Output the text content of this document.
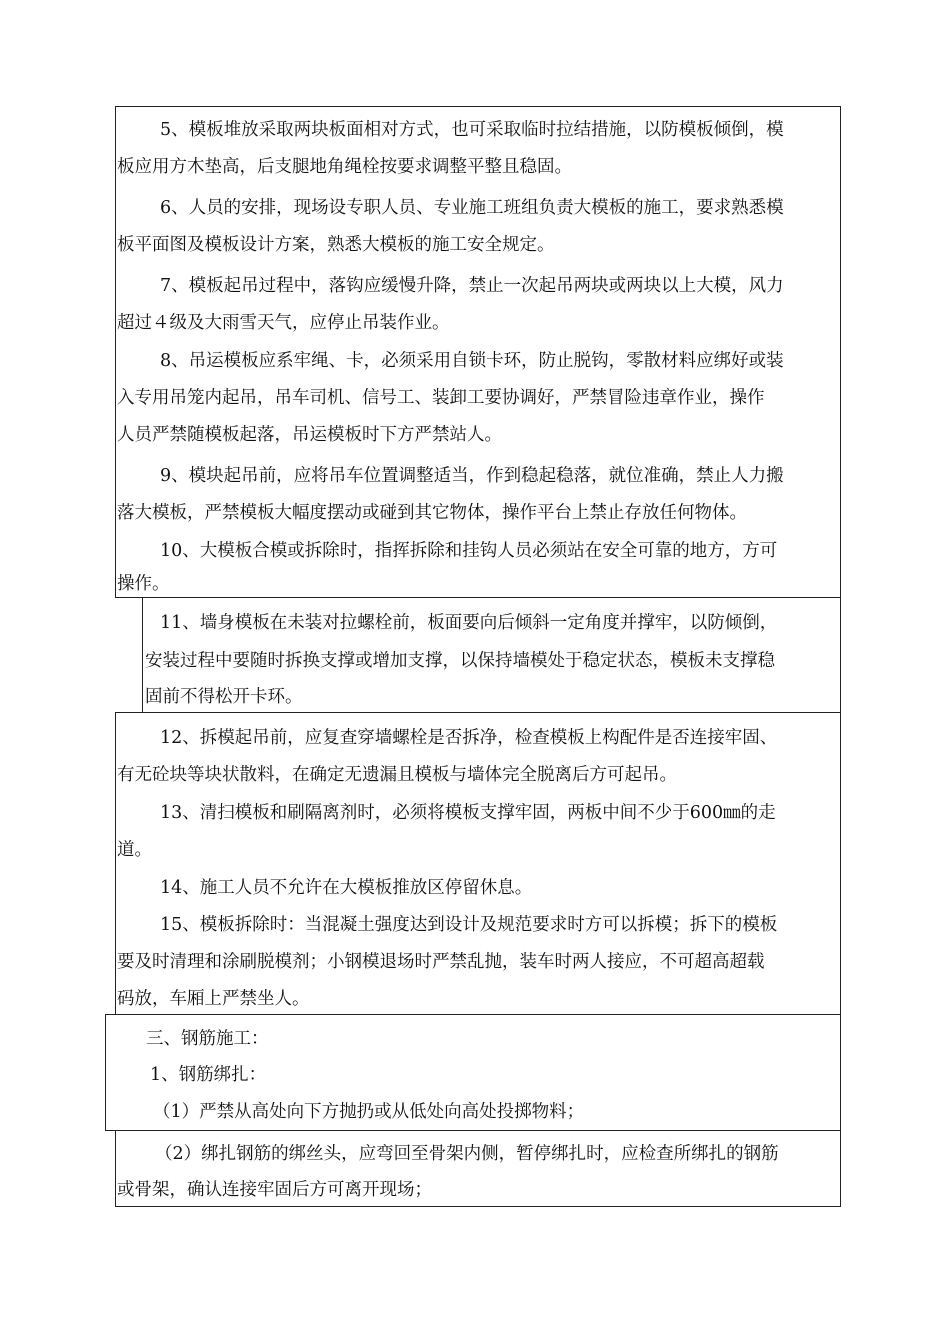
5、模板堆放采取两块板面相对方式，也可采取临时拉结措施，以防模板倾倒，模

板应用方木垫高，后支腿地角绳栓按要求调整平整且稳固。

6、人员的安排，现场设专职人员、专业施工班组负责大模板的施工，要求熟悉模

板平面图及模板设计方案，熟悉大模板的施工安全规定。

7、模板起吊过程中，落钩应缓慢升降，禁止一次起吊两块或两块以上大模，风力

超过４级及大雨雪天气，应停止吊装作业。

8、吊运模板应系牢绳、卡，必须采用自锁卡环，防止脱钩，零散材料应绑好或装

入专用吊笼内起吊，吊车司机、信号工、装卸工要协调好，严禁冒险违章作业，操作

人员严禁随模板起落，吊运模板时下方严禁站人。

9、模块起吊前，应将吊车位置调整适当，作到稳起稳落，就位准确，禁止人力搬

落大模板，严禁模板大幅度摆动或碰到其它物体，操作平台上禁止存放任何物体。

10、大模板合模或拆除时，指挥拆除和挂钩人员必须站在安全可靠的地方，方可

操作。

11、墙身模板在未装对拉螺栓前，板面要向后倾斜一定角度并撑牢，以防倾倒，

安装过程中要随时拆换支撑或增加支撑，以保持墙模处于稳定状态，模板未支撑稳

固前不得松开卡环。

12、拆模起吊前，应复查穿墙螺栓是否拆净，检查模板上构配件是否连接牢固、

有无砼块等块状散料，在确定无遗漏且模板与墙体完全脱离后方可起吊。

13、清扫模板和刷隔离剂时，必须将模板支撑牢固，两板中间不少于600㎜的走

道。

14、施工人员不允许在大模板推放区停留休息。

15、模板拆除时：当混凝土强度达到设计及规范要求时方可以拆模；拆下的模板

要及时清理和涂刷脱模剂；小钢模退场时严禁乱抛，装车时两人接应，不可超高超载

码放，车厢上严禁坐人。

三、钢筋施工：

1、钢筋绑扎：

（1）严禁从高处向下方抛扔或从低处向高处投掷物料；

（2）绑扎钢筋的绑丝头，应弯回至骨架内侧，暂停绑扎时，应检查所绑扎的钢筋

或骨架，确认连接牢固后方可离开现场；
